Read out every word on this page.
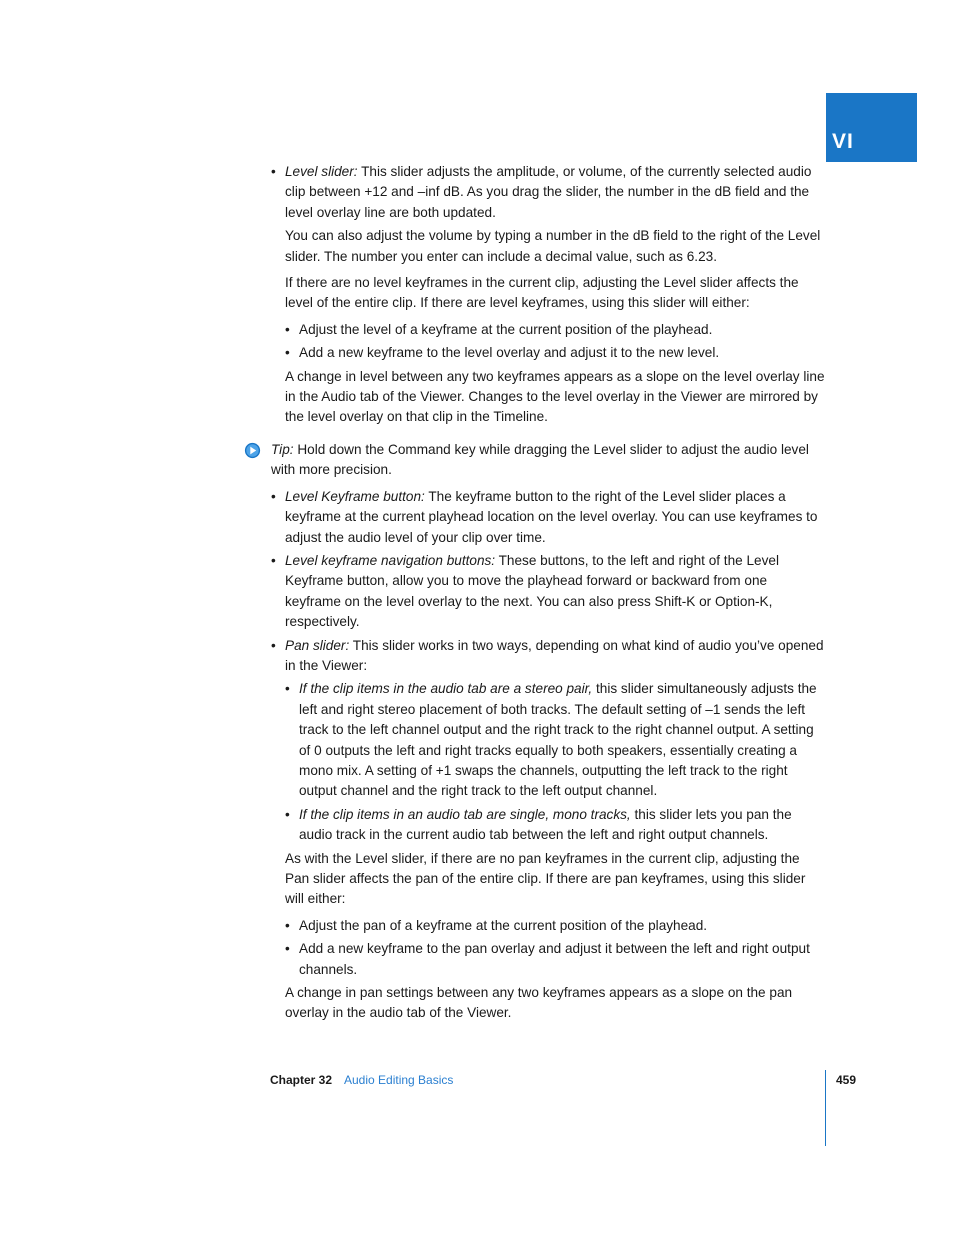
VI

• Level slider: This slider adjusts the amplitude, or volume, of the currently selected audio clip between +12 and –inf dB. As you drag the slider, the number in the dB field and the level overlay line are both updated.

You can also adjust the volume by typing a number in the dB field to the right of the Level slider. The number you enter can include a decimal value, such as 6.23.

If there are no level keyframes in the current clip, adjusting the Level slider affects the level of the entire clip. If there are level keyframes, using this slider will either:

• Adjust the level of a keyframe at the current position of the playhead.

• Add a new keyframe to the level overlay and adjust it to the new level.

A change in level between any two keyframes appears as a slope on the level overlay line in the Audio tab of the Viewer. Changes to the level overlay in the Viewer are mirrored by the level overlay on that clip in the Timeline.

Tip: Hold down the Command key while dragging the Level slider to adjust the audio level with more precision.

• Level Keyframe button: The keyframe button to the right of the Level slider places a keyframe at the current playhead location on the level overlay. You can use keyframes to adjust the audio level of your clip over time.

• Level keyframe navigation buttons: These buttons, to the left and right of the Level Keyframe button, allow you to move the playhead forward or backward from one keyframe on the level overlay to the next. You can also press Shift-K or Option-K, respectively.

• Pan slider: This slider works in two ways, depending on what kind of audio you’ve opened in the Viewer:

• If the clip items in the audio tab are a stereo pair, this slider simultaneously adjusts the left and right stereo placement of both tracks. The default setting of –1 sends the left track to the left channel output and the right track to the right channel output. A setting of 0 outputs the left and right tracks equally to both speakers, essentially creating a mono mix. A setting of +1 swaps the channels, outputting the left track to the right output channel and the right track to the left output channel.

• If the clip items in an audio tab are single, mono tracks, this slider lets you pan the audio track in the current audio tab between the left and right output channels.

As with the Level slider, if there are no pan keyframes in the current clip, adjusting the Pan slider affects the pan of the entire clip. If there are pan keyframes, using this slider will either:

• Adjust the pan of a keyframe at the current position of the playhead.

• Add a new keyframe to the pan overlay and adjust it between the left and right output channels.

A change in pan settings between any two keyframes appears as a slope on the pan overlay in the audio tab of the Viewer.

Chapter 32 Audio Editing Basics	459
